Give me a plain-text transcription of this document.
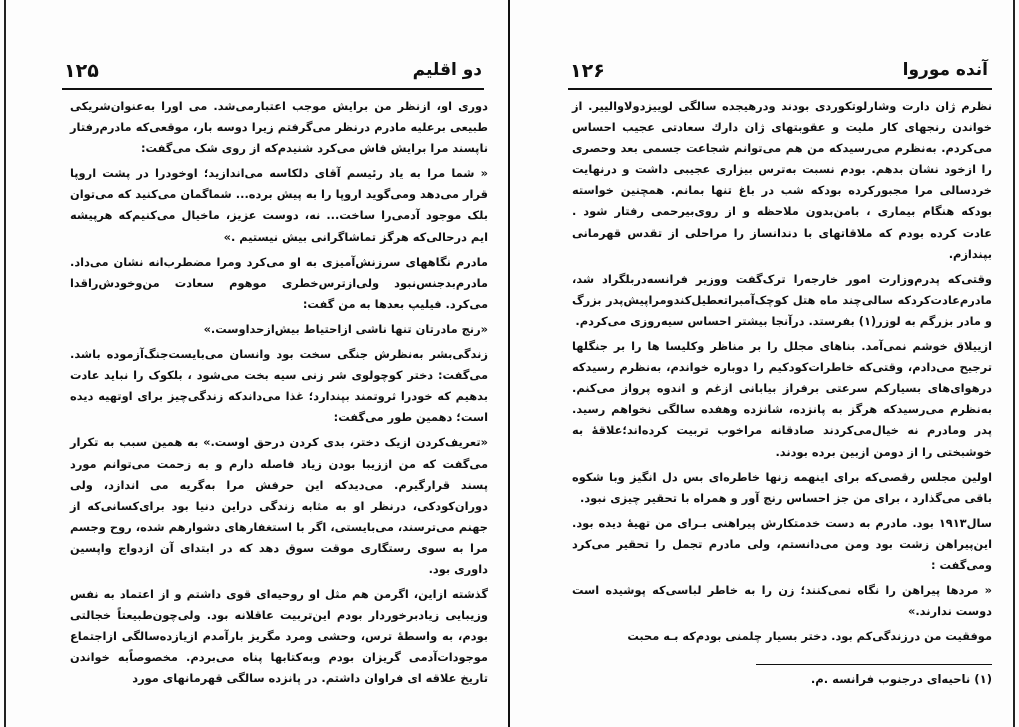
دو اقلیم
۱۲۵

دوری او، ازنظر من برایش موجب اعتبارمی‌شد. می اورا به‌عنوان‌شریکی طبیعی برعلیه مادرم درنظر می‌گرفتم زیرا دوسه بار، موقعی‌که مادرم‌رفتار ناپسند مرا برایش فاش می‌کرد شنیدم‌که از روی شک می‌گفت:

« شما مرا به یاد رئیسم آقای دلکاسه می‌اندازید؛ اوخودرا در پشت اروپا قرار می‌دهد ومی‌گوید اروپا را به پیش برده... شماگمان می‌کنید که می‌توان بلک موجود آدمی‌را ساخت... نه، دوست عزیز، ماخیال می‌کنیم‌که هرپیشه ایم درحالی‌که هرگز تماشاگرانی بیش نیستیم .»

مادرم نگاههای سرزنش‌آمیزی به او می‌کرد ومرا مضطرب‌انه نشان می‌داد. مادرم‌بدجنس‌نبود ولی‌ازترس‌خطری موهوم سعادت من‌وخودش‌راقدا می‌کرد. فیلیپ بعدها به من گفت:

«رنج مادرتان تنها ناشی ازاحتیاط بیش‌ازحداوست.»

زندگی‌بشر به‌نظرش جنگی سخت بود وانسان می‌بایست‌جنگ‌آزموده باشد. می‌گفت: دختر کوچولوی شر زنی سیه بخت می‌شود ، بلکوک را نباید عادت بدهیم که خودرا ثروتمند بپندارد؛ غذا می‌داندکه زندگی‌چیز برای اوتهیه دیده است؛ دهمین طور می‌گفت:

«تعریف‌کردن ازیک دختر، بدی کردن درحق اوست.» به همین سبب به تکرار می‌گفت که من اززیبا بودن زیاد فاصله دارم و به زحمت می‌توانم مورد پسند قرارگیرم. می‌دیدکه این حرفش مرا به‌گریه می اندازد، ولی دوران‌کودکی، درنظر او به مثابه زندگی دراین دنیا بود برای‌کسانی‌که از جهنم می‌ترسند، می‌بایستی، اگر با استغفارهای دشوارهم شده، روح وجسم مرا به سوی رستگاری موقت سوق دهد که در ابتدای آن ازدواج واپسین داوری بود.

گذشته ازاین، اگرمن هم مثل او روحیه‌ای قوی داشتم و از اعتماد به نفس وزیبایی زیادبرخوردار بودم این‌تربیت عاقلانه بود. ولی‌چون‌طبیعتاً خجالتی بودم، به واسطهٔ ترس، وحشی ومرد مگریز بارآمدم ازیازده‌سالگی ازاجتماع موجودات‌آدمی گریزان بودم وبه‌کتابها پناه می‌بردم. مخصوصاًبه خواندن تاریخ علاقه ای فراوان داشتم. در پانزده سالگی قهرمانهای مورد

آنده مورو‌ا
۱۲۶

نظرم ژان دارت وشارلوتکوردی بودند ودرهیجده سالگی لوییزدولاوالییر. از خواندن رنجهای کار ملیت و عقوبتهای ژان دارك سعادتی عجیب احساس می‌کردم. به‌نظرم می‌رسیدکه من هم می‌توانم شجاعت جسمی بعد وحصری را ازخود نشان بدهم. بودم نسبت به‌ترس بیزاری عجیبی داشت و درنهایت خردسالی مرا مجبورکرده بودکه شب در باغ تنها بمانم. همچنین خواسته بودکه هنگام بیماری ، بامن‌بدون ملاحظه و از روی‌بیرحمی رفتار شود . عادت کرده بودم که ملاقاتهای با دندانساز را مراحلی از تقدس قهرمانی بپندازم.

وقتی‌که پدرم‌وزارت امور خارجه‌را ترک‌گفت ووزیر فرانسه‌دربلگراد شد، مادرم‌عادت‌کردکه سالی‌چند ماه هتل کوچک‌آمبر‌اتعطیل‌کندومرا‌پیش‌پدر بزرگ و مادر بزرگم به لوزر(۱) بفرستد. درآنجا بیشتر احساس سیه‌روزی می‌کردم.

ازییلاق خوشم نمی‌آمد. بناهای مجلل را بر مناظر وکلیسا ها را بر جنگلها ترجیح می‌دادم، وقتی‌که خاطرات‌کودکیم را دوباره خواندم، به‌نظرم رسیدکه درهوای‌های بسیارکم سرعتی برفراز بیابانی ازغم و اندوه پرواز می‌کنم. به‌نظرم می‌رسیدکه هرگز به پانزده، شانزده وهفده سالگی نخواهم رسید. پدر ومادرم نه خیال‌می‌کردند صادقانه مراخوب تربیت کرده‌اند؛علاقهٔ به خوشبختی را از دومن ازبین برده بودند.

اولین مجلس رقصی‌که برای اینهمه زنها خاطره‌ای بس دل انگیز وبا شکوه باقی می‌گذارد ، برای من جز احساس رنج آور و همراه با تحقیر چیزی نبود.

سال۱۹۱۳ بود. مادرم به دست خدمتکارش پیراهنی بـرای من تهیهٔ دیده بود. این‌پیراهن زشت بود ومن می‌دانستم، ولی مادرم تجمل را تحقیر می‌کرد ومی‌گفت :

« مردها پیراهن را نگاه نمی‌کنند؛ زن را به خاطر لباسی‌که پوشیده است دوست ندارند.»

موفقیت من درزندگی‌کم بود. دختر بسیار چلمنی بودم‌که بـه محبت

(۱) ناحیه‌ای درجنوب فرانسه .م.
